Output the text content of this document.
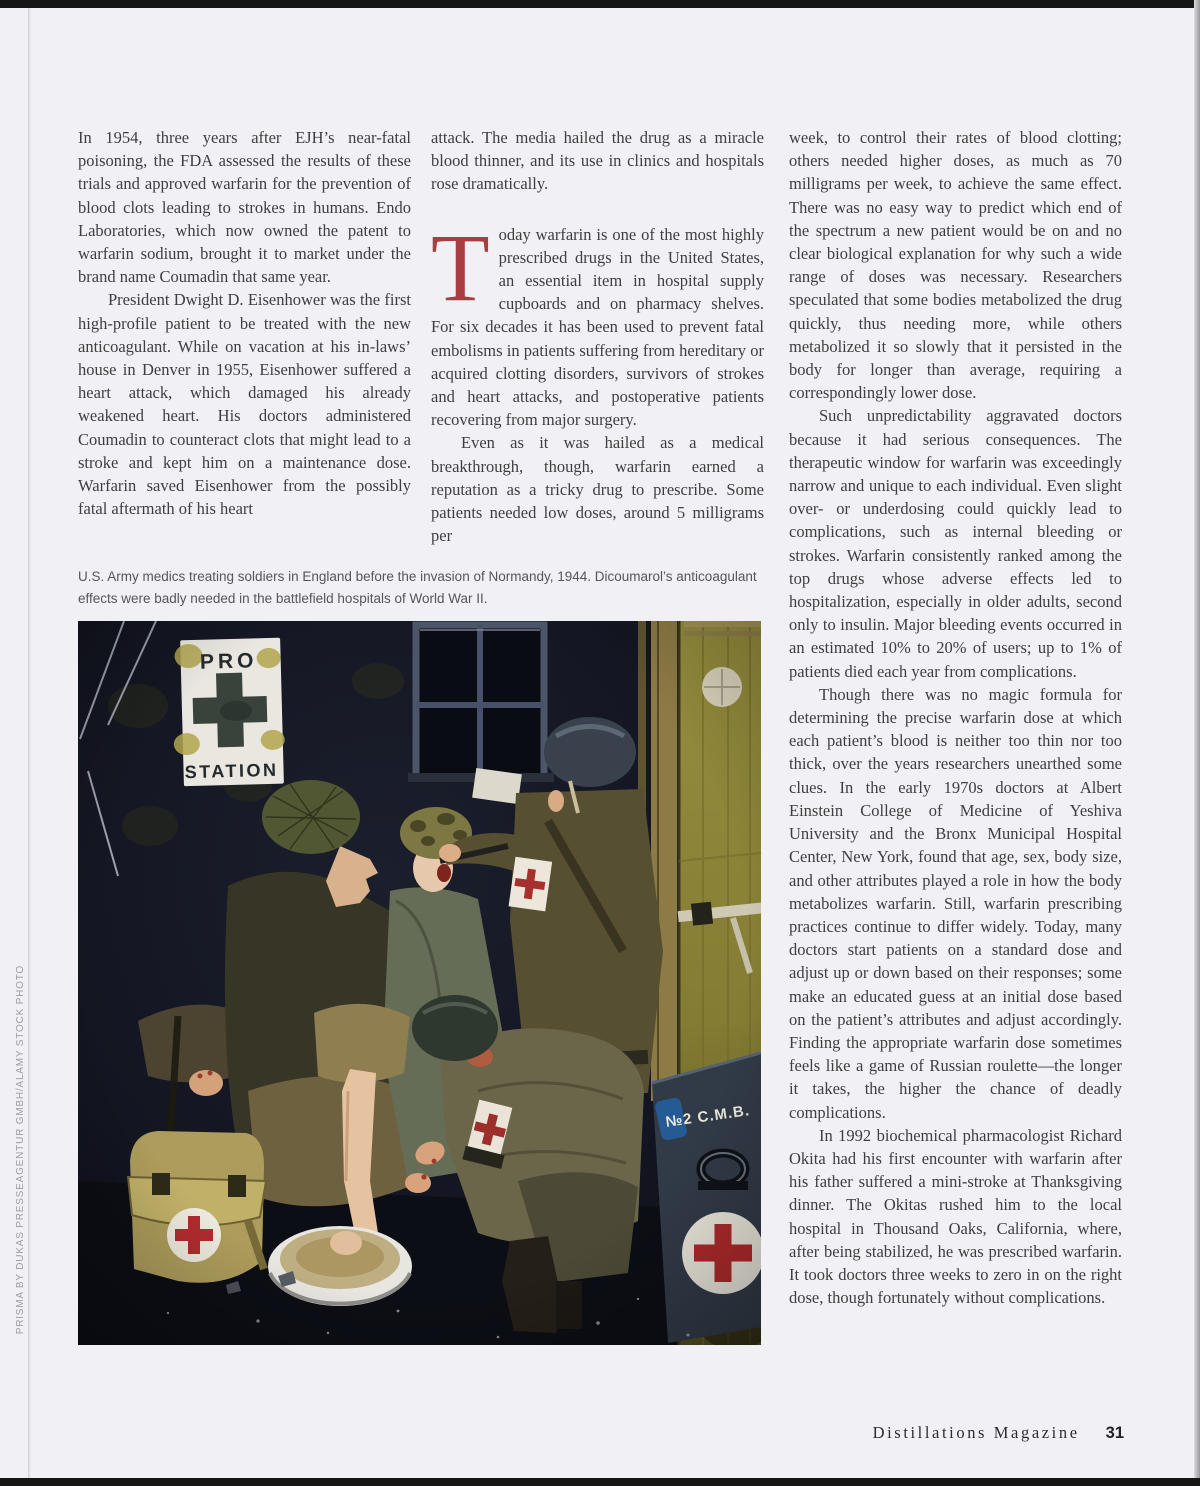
In 1954, three years after EJH’s near-fatal poisoning, the FDA assessed the results of these trials and approved warfarin for the prevention of blood clots leading to strokes in humans. Endo Laboratories, which now owned the patent to warfarin sodium, brought it to market under the brand name Coumadin that same year.

President Dwight D. Eisenhower was the first high-profile patient to be treated with the new anticoagulant. While on vacation at his in-laws’ house in Denver in 1955, Eisenhower suffered a heart attack, which damaged his already weakened heart. His doctors administered Coumadin to counteract clots that might lead to a stroke and kept him on a maintenance dose. Warfarin saved Eisenhower from the possibly fatal aftermath of his heart

attack. The media hailed the drug as a miracle blood thinner, and its use in clinics and hospitals rose dramatically.

Today warfarin is one of the most highly prescribed drugs in the United States, an essential item in hospital supply cupboards and on pharmacy shelves. For six decades it has been used to prevent fatal embolisms in patients suffering from hereditary or acquired clotting disorders, survivors of strokes and heart attacks, and postoperative patients recovering from major surgery.

Even as it was hailed as a medical breakthrough, though, warfarin earned a reputation as a tricky drug to prescribe. Some patients needed low doses, around 5 milligrams per

week, to control their rates of blood clotting; others needed higher doses, as much as 70 milligrams per week, to achieve the same effect. There was no easy way to predict which end of the spectrum a new patient would be on and no clear biological explanation for why such a wide range of doses was necessary. Researchers speculated that some bodies metabolized the drug quickly, thus needing more, while others metabolized it so slowly that it persisted in the body for longer than average, requiring a correspondingly lower dose.

Such unpredictability aggravated doctors because it had serious consequences. The therapeutic window for warfarin was exceedingly narrow and unique to each individual. Even slight over- or underdosing could quickly lead to complications, such as internal bleeding or strokes. Warfarin consistently ranked among the top drugs whose adverse effects led to hospitalization, especially in older adults, second only to insulin. Major bleeding events occurred in an estimated 10% to 20% of users; up to 1% of patients died each year from complications.

Though there was no magic formula for determining the precise warfarin dose at which each patient’s blood is neither too thin nor too thick, over the years researchers unearthed some clues. In the early 1970s doctors at Albert Einstein College of Medicine of Yeshiva University and the Bronx Municipal Hospital Center, New York, found that age, sex, body size, and other attributes played a role in how the body metabolizes warfarin. Still, warfarin prescribing practices continue to differ widely. Today, many doctors start patients on a standard dose and adjust up or down based on their responses; some make an educated guess at an initial dose based on the patient’s attributes and adjust accordingly. Finding the appropriate warfarin dose sometimes feels like a game of Russian roulette—the longer it takes, the higher the chance of deadly complications.

In 1992 biochemical pharmacologist Richard Okita had his first encounter with warfarin after his father suffered a mini-stroke at Thanksgiving dinner. The Okitas rushed him to the local hospital in Thousand Oaks, California, where, after being stabilized, he was prescribed warfarin. It took doctors three weeks to zero in on the right dose, though fortunately without complications.

U.S. Army medics treating soldiers in England before the invasion of Normandy, 1944. Dicoumarol’s anticoagulant effects were badly needed in the battlefield hospitals of World War II.
PRISMA BY DUKAS PRESSEAGENTUR GMBH/ALAMY STOCK PHOTO
Distillations Magazine 31
